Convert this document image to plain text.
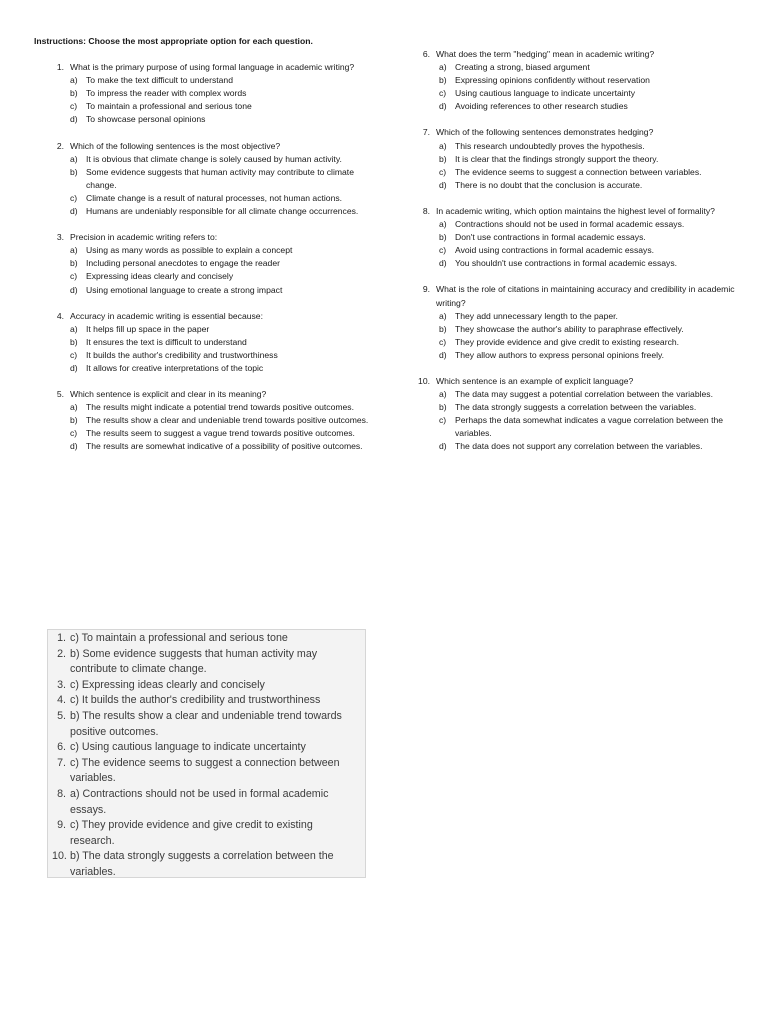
Instructions: Choose the most appropriate option for each question.
1. What is the primary purpose of using formal language in academic writing?
a) To make the text difficult to understand
b) To impress the reader with complex words
c)	To maintain a professional and serious tone
d) To showcase personal opinions
2. Which of the following sentences is the most objective?
a) It is obvious that climate change is solely caused by human activity.
b) Some evidence suggests that human activity may contribute to climate change.
c)	Climate change is a result of natural processes, not human actions.
d) Humans are undeniably responsible for all climate change occurrences.
3. Precision in academic writing refers to:
a) Using as many words as possible to explain a concept
b) Including personal anecdotes to engage the reader
c)	Expressing ideas clearly and concisely
d) Using emotional language to create a strong impact
4. Accuracy in academic writing is essential because:
a) It helps fill up space in the paper
b) It ensures the text is difficult to understand
c)	It builds the author's credibility and trustworthiness
d) It allows for creative interpretations of the topic
5. Which sentence is explicit and clear in its meaning?
a) The results might indicate a potential trend towards positive outcomes.
b) The results show a clear and undeniable trend towards positive outcomes.
c)	The results seem to suggest a vague trend towards positive outcomes.
d) The results are somewhat indicative of a possibility of positive outcomes.
6. What does the term "hedging" mean in academic writing?
a) Creating a strong, biased argument
b) Expressing opinions confidently without reservation
c)	Using cautious language to indicate uncertainty
d) Avoiding references to other research studies
7. Which of the following sentences demonstrates hedging?
a) This research undoubtedly proves the hypothesis.
b) It is clear that the findings strongly support the theory.
c)	The evidence seems to suggest a connection between variables.
d) There is no doubt that the conclusion is accurate.
8. In academic writing, which option maintains the highest level of formality?
a) Contractions should not be used in formal academic essays.
b) Don't use contractions in formal academic essays.
c)	Avoid using contractions in formal academic essays.
d) You shouldn't use contractions in formal academic essays.
9. What is the role of citations in maintaining accuracy and credibility in academic writing?
a) They add unnecessary length to the paper.
b) They showcase the author's ability to paraphrase effectively.
c)	They provide evidence and give credit to existing research.
d) They allow authors to express personal opinions freely.
10. Which sentence is an example of explicit language?
a) The data may suggest a potential correlation between the variables.
b) The data strongly suggests a correlation between the variables.
c)	Perhaps the data somewhat indicates a vague correlation between the variables.
d) The data does not support any correlation between the variables.
1. c) To maintain a professional and serious tone
2. b) Some evidence suggests that human activity may contribute to climate change.
3. c) Expressing ideas clearly and concisely
4. c) It builds the author's credibility and trustworthiness
5. b) The results show a clear and undeniable trend towards positive outcomes.
6. c) Using cautious language to indicate uncertainty
7. c) The evidence seems to suggest a connection between variables.
8. a) Contractions should not be used in formal academic essays.
9. c) They provide evidence and give credit to existing research.
10. b) The data strongly suggests a correlation between the variables.
